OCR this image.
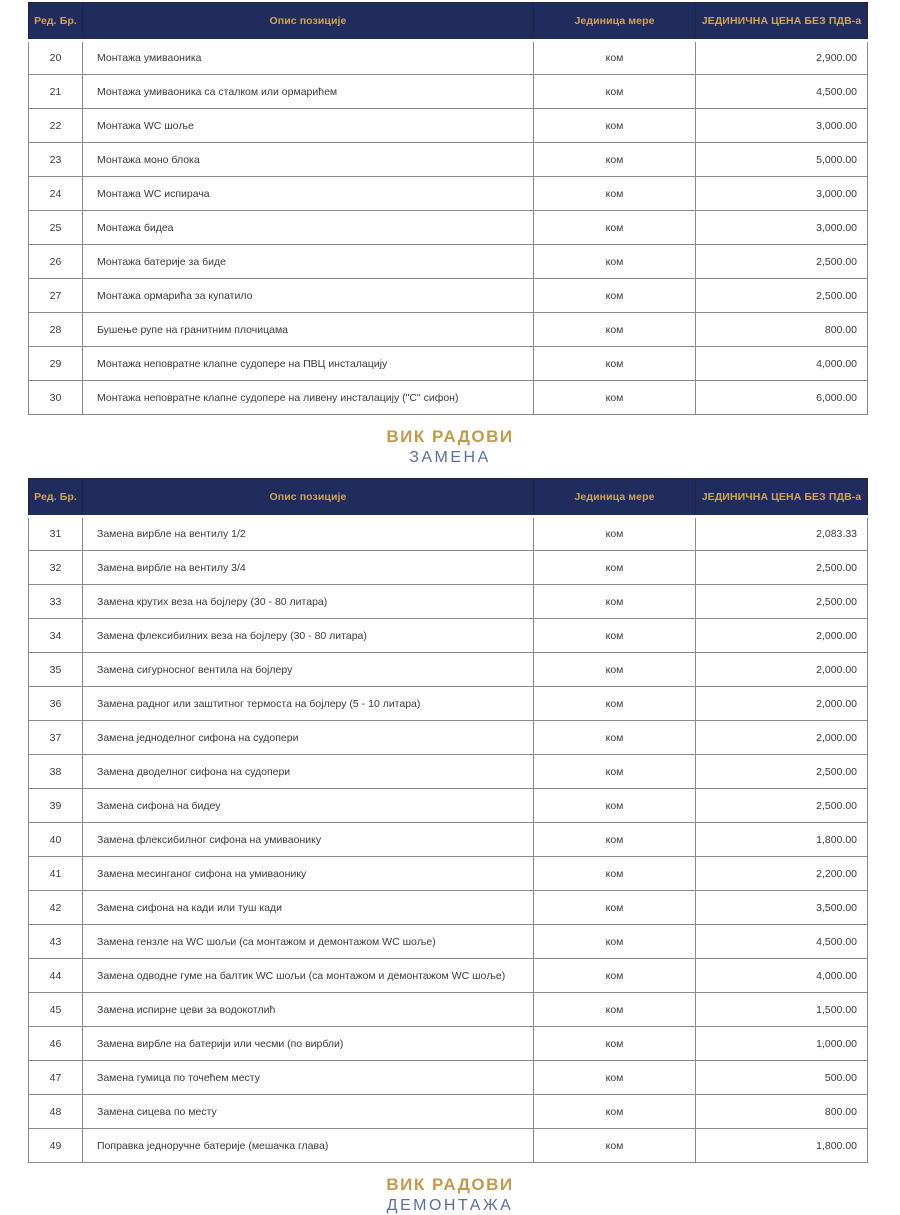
Ред. Бр.	Опис позиције	Јединица мере	ЈЕДИНИЧНА ЦЕНА БЕЗ ПДВ-а
20	Монтажа умиваоника	ком	2,900.00
21	Монтажа умиваоника са сталком или ормарићем	ком	4,500.00
22	Монтажа WC шоље	ком	3,000.00
23	Монтажа моно блока	ком	5,000.00
24	Монтажа WC испирача	ком	3,000.00
25	Монтажа бидеа	ком	3,000.00
26	Монтажа батерије за биде	ком	2,500.00
27	Монтажа ормарића за купатило	ком	2,500.00
28	Бушење рупе на гранитним плочицама	ком	800.00
29	Монтажа неповратне клапне судопере на ПВЦ инсталацију	ком	4,000.00
30	Монтажа неповратне клапне судопере на ливену инсталацију ("С" сифон)	ком	6,000.00
ВИК РАДОВИ
ЗАМЕНА
Ред. Бр.	Опис позиције	Јединица мере	ЈЕДИНИЧНА ЦЕНА БЕЗ ПДВ-а
31	Замена вирбле на вентилу 1/2	ком	2,083.33
32	Замена вирбле на вентилу 3/4	ком	2,500.00
33	Замена крутих веза на бојлеру (30 - 80 литара)	ком	2,500.00
34	Замена флексибилних веза на бојлеру (30 - 80 литара)	ком	2,000.00
35	Замена сигурносног вентила на бојлеру	ком	2,000.00
36	Замена радног или заштитног термоста на бојлеру (5 - 10 литара)	ком	2,000.00
37	Замена једноделног сифона на судопери	ком	2,000.00
38	Замена дводелног сифона на судопери	ком	2,500.00
39	Замена сифона на бидеу	ком	2,500.00
40	Замена флексибилног сифона на умиваонику	ком	1,800.00
41	Замена месинганог сифона на умиваонику	ком	2,200.00
42	Замена сифона на кади или туш кади	ком	3,500.00
43	Замена гензле на WC шољи (са монтажом и демонтажом WC шоље)	ком	4,500.00
44	Замена одводне гуме на балтик WC шољи (са монтажом и демонтажом WC шоље)	ком	4,000.00
45	Замена испирне цеви за водокотлић	ком	1,500.00
46	Замена вирбле на батерији или чесми (по вирбли)	ком	1,000.00
47	Замена гумица по точећем месту	ком	500.00
48	Замена сицева по месту	ком	800.00
49	Поправка једноручне батерије (мешачка глава)	ком	1,800.00
ВИК РАДОВИ
ДЕМОНТАЖА
